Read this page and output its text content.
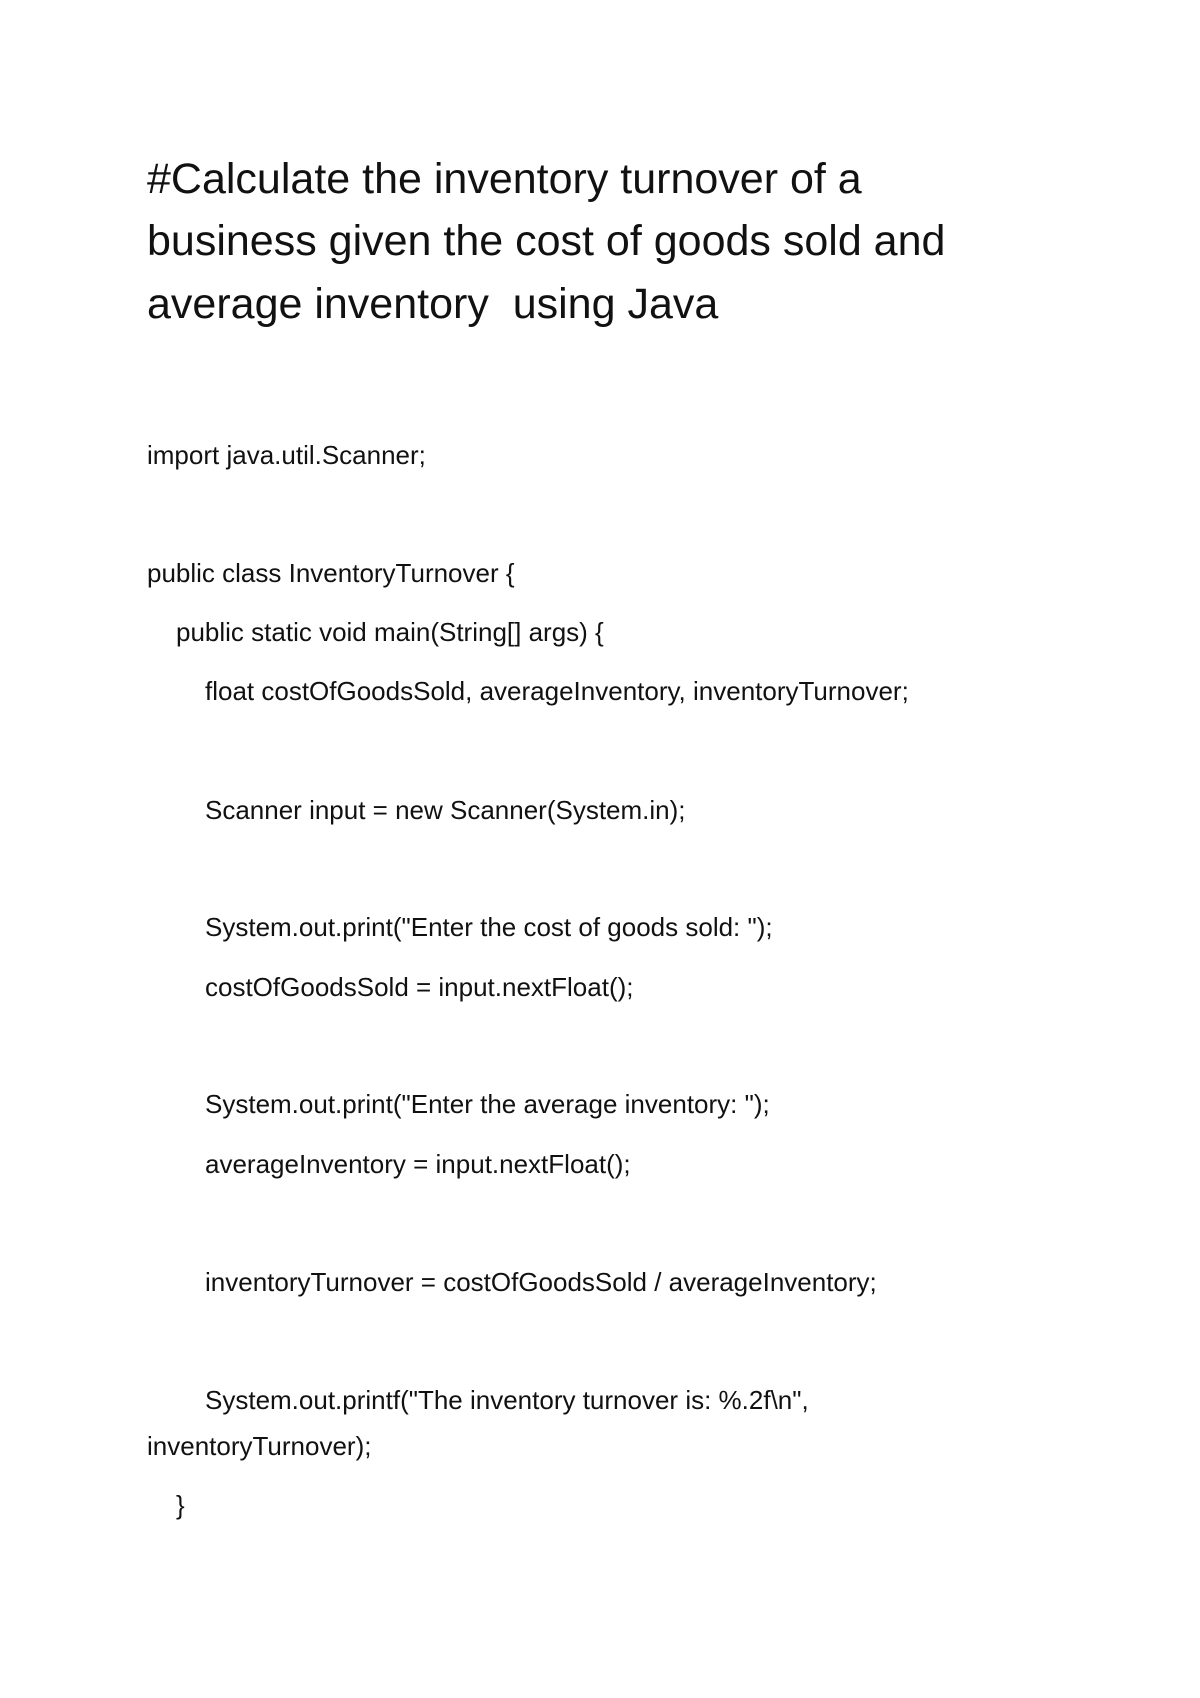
#Calculate the inventory turnover of a
business given the cost of goods sold and
average inventory  using Java
import java.util.Scanner;
public class InventoryTurnover {
public static void main(String[] args) {
float costOfGoodsSold, averageInventory, inventoryTurnover;
Scanner input = new Scanner(System.in);
System.out.print("Enter the cost of goods sold: ");
costOfGoodsSold = input.nextFloat();
System.out.print("Enter the average inventory: ");
averageInventory = input.nextFloat();
inventoryTurnover = costOfGoodsSold / averageInventory;
System.out.printf("The inventory turnover is: %.2f\n",
inventoryTurnover);
}
